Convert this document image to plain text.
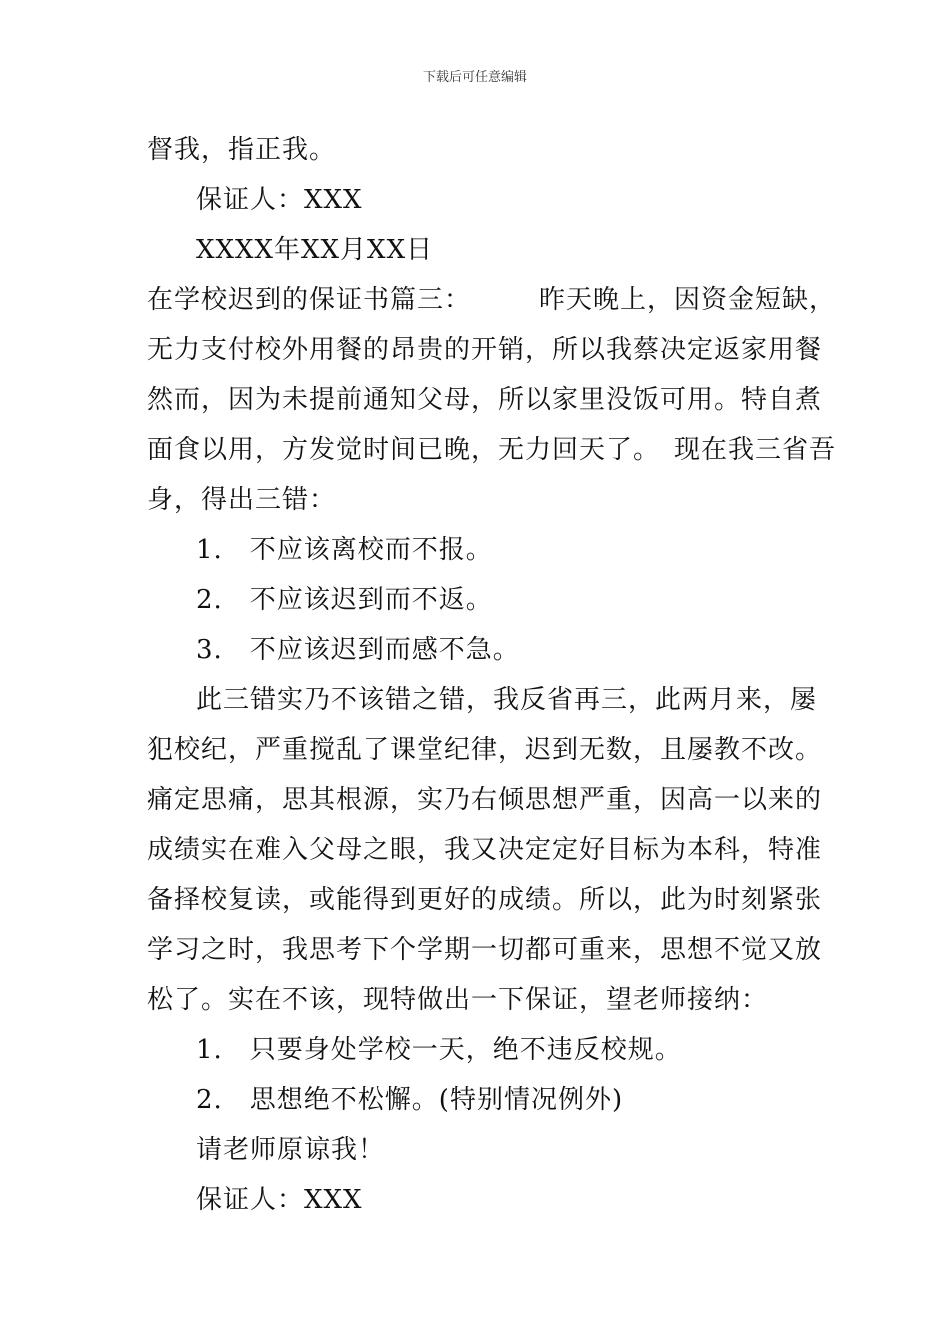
下载后可任意编辑
督我，指正我。
保证人：XXX
XXXX年XX月XX日
在学校迟到的保证书篇三：　　　昨天晚上，因资金短缺，
无力支付校外用餐的昂贵的开销，所以我蔡决定返家用餐
然而，因为未提前通知父母，所以家里没饭可用。特自煮
面食以用，方发觉时间已晚，无力回天了。　现在我三省吾
身，得出三错：
1.　不应该离校而不报。
2.　不应该迟到而不返。
3.　不应该迟到而感不急。
此三错实乃不该错之错，我反省再三，此两月来，屡
犯校纪，严重搅乱了课堂纪律，迟到无数，且屡教不改。
痛定思痛，思其根源，实乃右倾思想严重，因高一以来的
成绩实在难入父母之眼，我又决定定好目标为本科，特准
备择校复读，或能得到更好的成绩。所以，此为时刻紧张
学习之时，我思考下个学期一切都可重来，思想不觉又放
松了。实在不该，现特做出一下保证，望老师接纳：
1.　只要身处学校一天，绝不违反校规。
2.　思想绝不松懈。(特别情况例外)
请老师原谅我！
保证人：XXX
